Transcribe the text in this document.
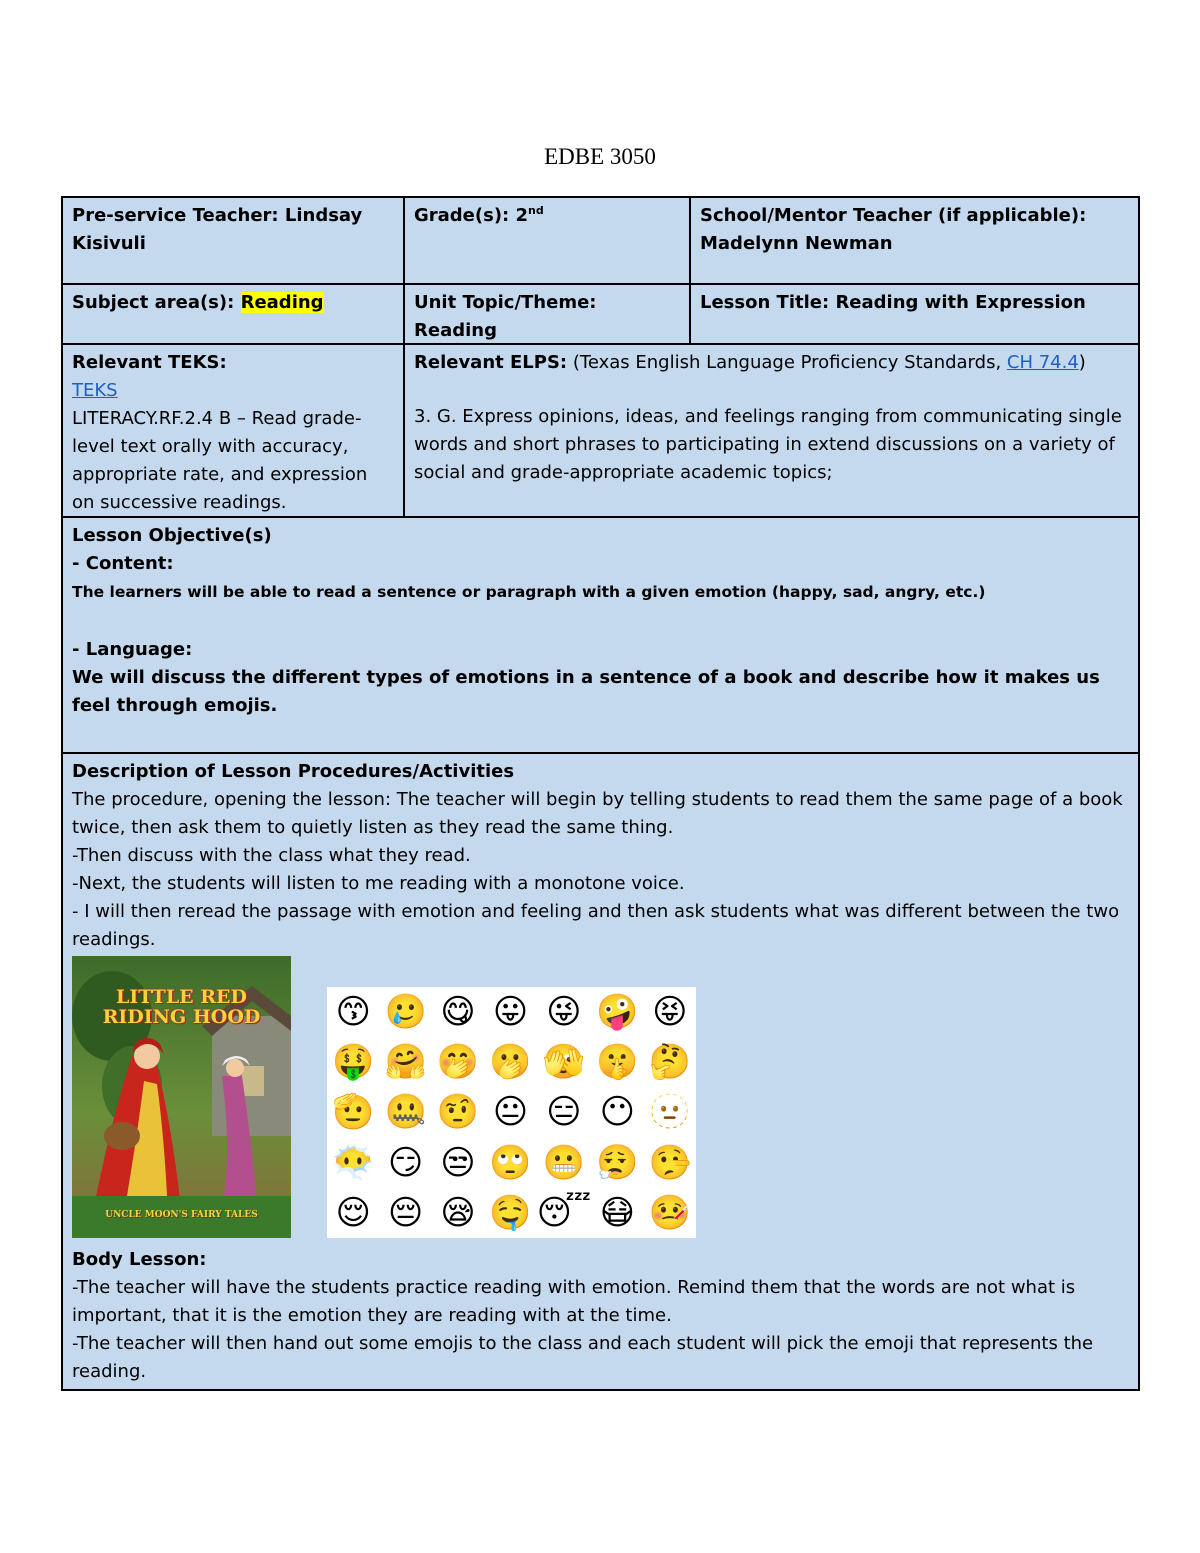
EDBE 3050
Pre-service Teacher: Lindsay Kisivuli
Grade(s): 2nd	School/Mentor Teacher (if applicable): Madelynn Newman
Subject area(s): Reading	Unit Topic/Theme: Reading
Lesson Title: Reading with Expression
Relevant TEKS:
TEKS
LITERACY.RF.2.4 B – Read grade-level text orally with accuracy, appropriate rate, and expression on successive readings.
Relevant ELPS: (Texas English Language Proficiency Standards, CH 74.4)
3. G. Express opinions, ideas, and feelings ranging from communicating single words and short phrases to participating in extend discussions on a variety of social and grade-appropriate academic topics;
Lesson Objective(s)
- Content:
The learners will be able to read a sentence or paragraph with a given emotion (happy, sad, angry, etc.)
- Language:
We will discuss the different types of emotions in a sentence of a book and describe how it makes us feel through emojis.
Description of Lesson Procedures/Activities
The procedure, opening the lesson: The teacher will begin by telling students to read them the same page of a book twice, then ask them to quietly listen as they read the same thing.
-Then discuss with the class what they read.
-Next, the students will listen to me reading with a monotone voice.
- I will then reread the passage with emotion and feeling and then ask students what was different between the two readings.
Body Lesson:
-The teacher will have the students practice reading with emotion. Remind them that the words are not what is important, that it is the emotion they are reading with at the time.
-The teacher will then hand out some emojis to the class and each student will pick the emoji that represents the reading.
LITTLE RED
RIDING HOOD
UNCLE MOON'S FAIRY TALES
😙 🥲 😋 😛 😜 🤪 😝
🤑 🤗 🤭 🫢 🫣 🤫 🤔
🫡 🤐 🤨 😐 😑 😶 🫥
😶‍🌫️ 😏 😒 🙄 😬 😮‍💨 🤥
😌 😔 😪 🤤 😴 😷 🤒
